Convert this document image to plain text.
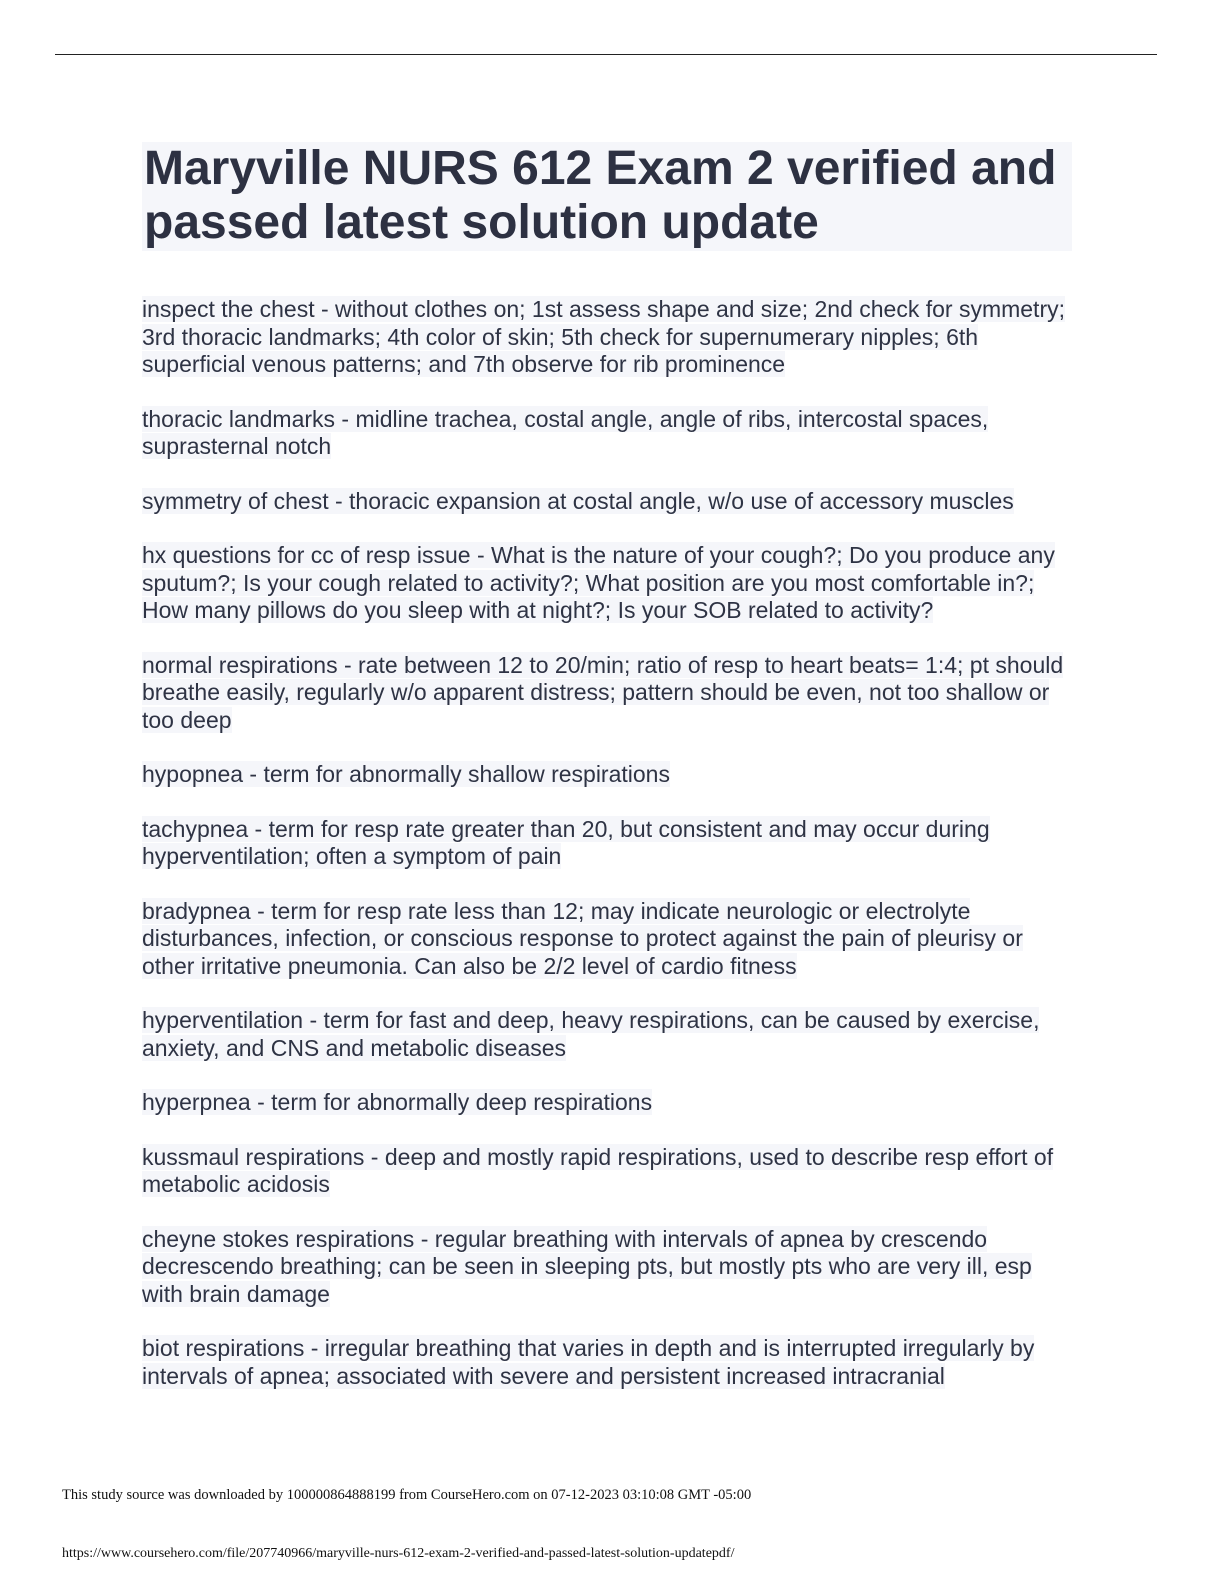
Maryville NURS 612 Exam 2 verified and passed latest solution update

inspect the chest - without clothes on; 1st assess shape and size; 2nd check for symmetry; 3rd thoracic landmarks; 4th color of skin; 5th check for supernumerary nipples; 6th superficial venous patterns; and 7th observe for rib prominence

thoracic landmarks - midline trachea, costal angle, angle of ribs, intercostal spaces, suprasternal notch

symmetry of chest - thoracic expansion at costal angle, w/o use of accessory muscles

hx questions for cc of resp issue - What is the nature of your cough?; Do you produce any sputum?; Is your cough related to activity?; What position are you most comfortable in?; How many pillows do you sleep with at night?; Is your SOB related to activity?

normal respirations - rate between 12 to 20/min; ratio of resp to heart beats= 1:4; pt should breathe easily, regularly w/o apparent distress; pattern should be even, not too shallow or too deep

hypopnea - term for abnormally shallow respirations

tachypnea - term for resp rate greater than 20, but consistent and may occur during hyperventilation; often a symptom of pain

bradypnea - term for resp rate less than 12; may indicate neurologic or electrolyte disturbances, infection, or conscious response to protect against the pain of pleurisy or other irritative pneumonia. Can also be 2/2 level of cardio fitness

hyperventilation - term for fast and deep, heavy respirations, can be caused by exercise, anxiety, and CNS and metabolic diseases

hyperpnea - term for abnormally deep respirations

kussmaul respirations - deep and mostly rapid respirations, used to describe resp effort of metabolic acidosis

cheyne stokes respirations - regular breathing with intervals of apnea by crescendo decrescendo breathing; can be seen in sleeping pts, but mostly pts who are very ill, esp with brain damage

biot respirations - irregular breathing that varies in depth and is interrupted irregularly by intervals of apnea; associated with severe and persistent increased intracranial

This study source was downloaded by 100000864888199 from CourseHero.com on 07-12-2023 03:10:08 GMT -05:00
https://www.coursehero.com/file/207740966/maryville-nurs-612-exam-2-verified-and-passed-latest-solution-updatepdf/
